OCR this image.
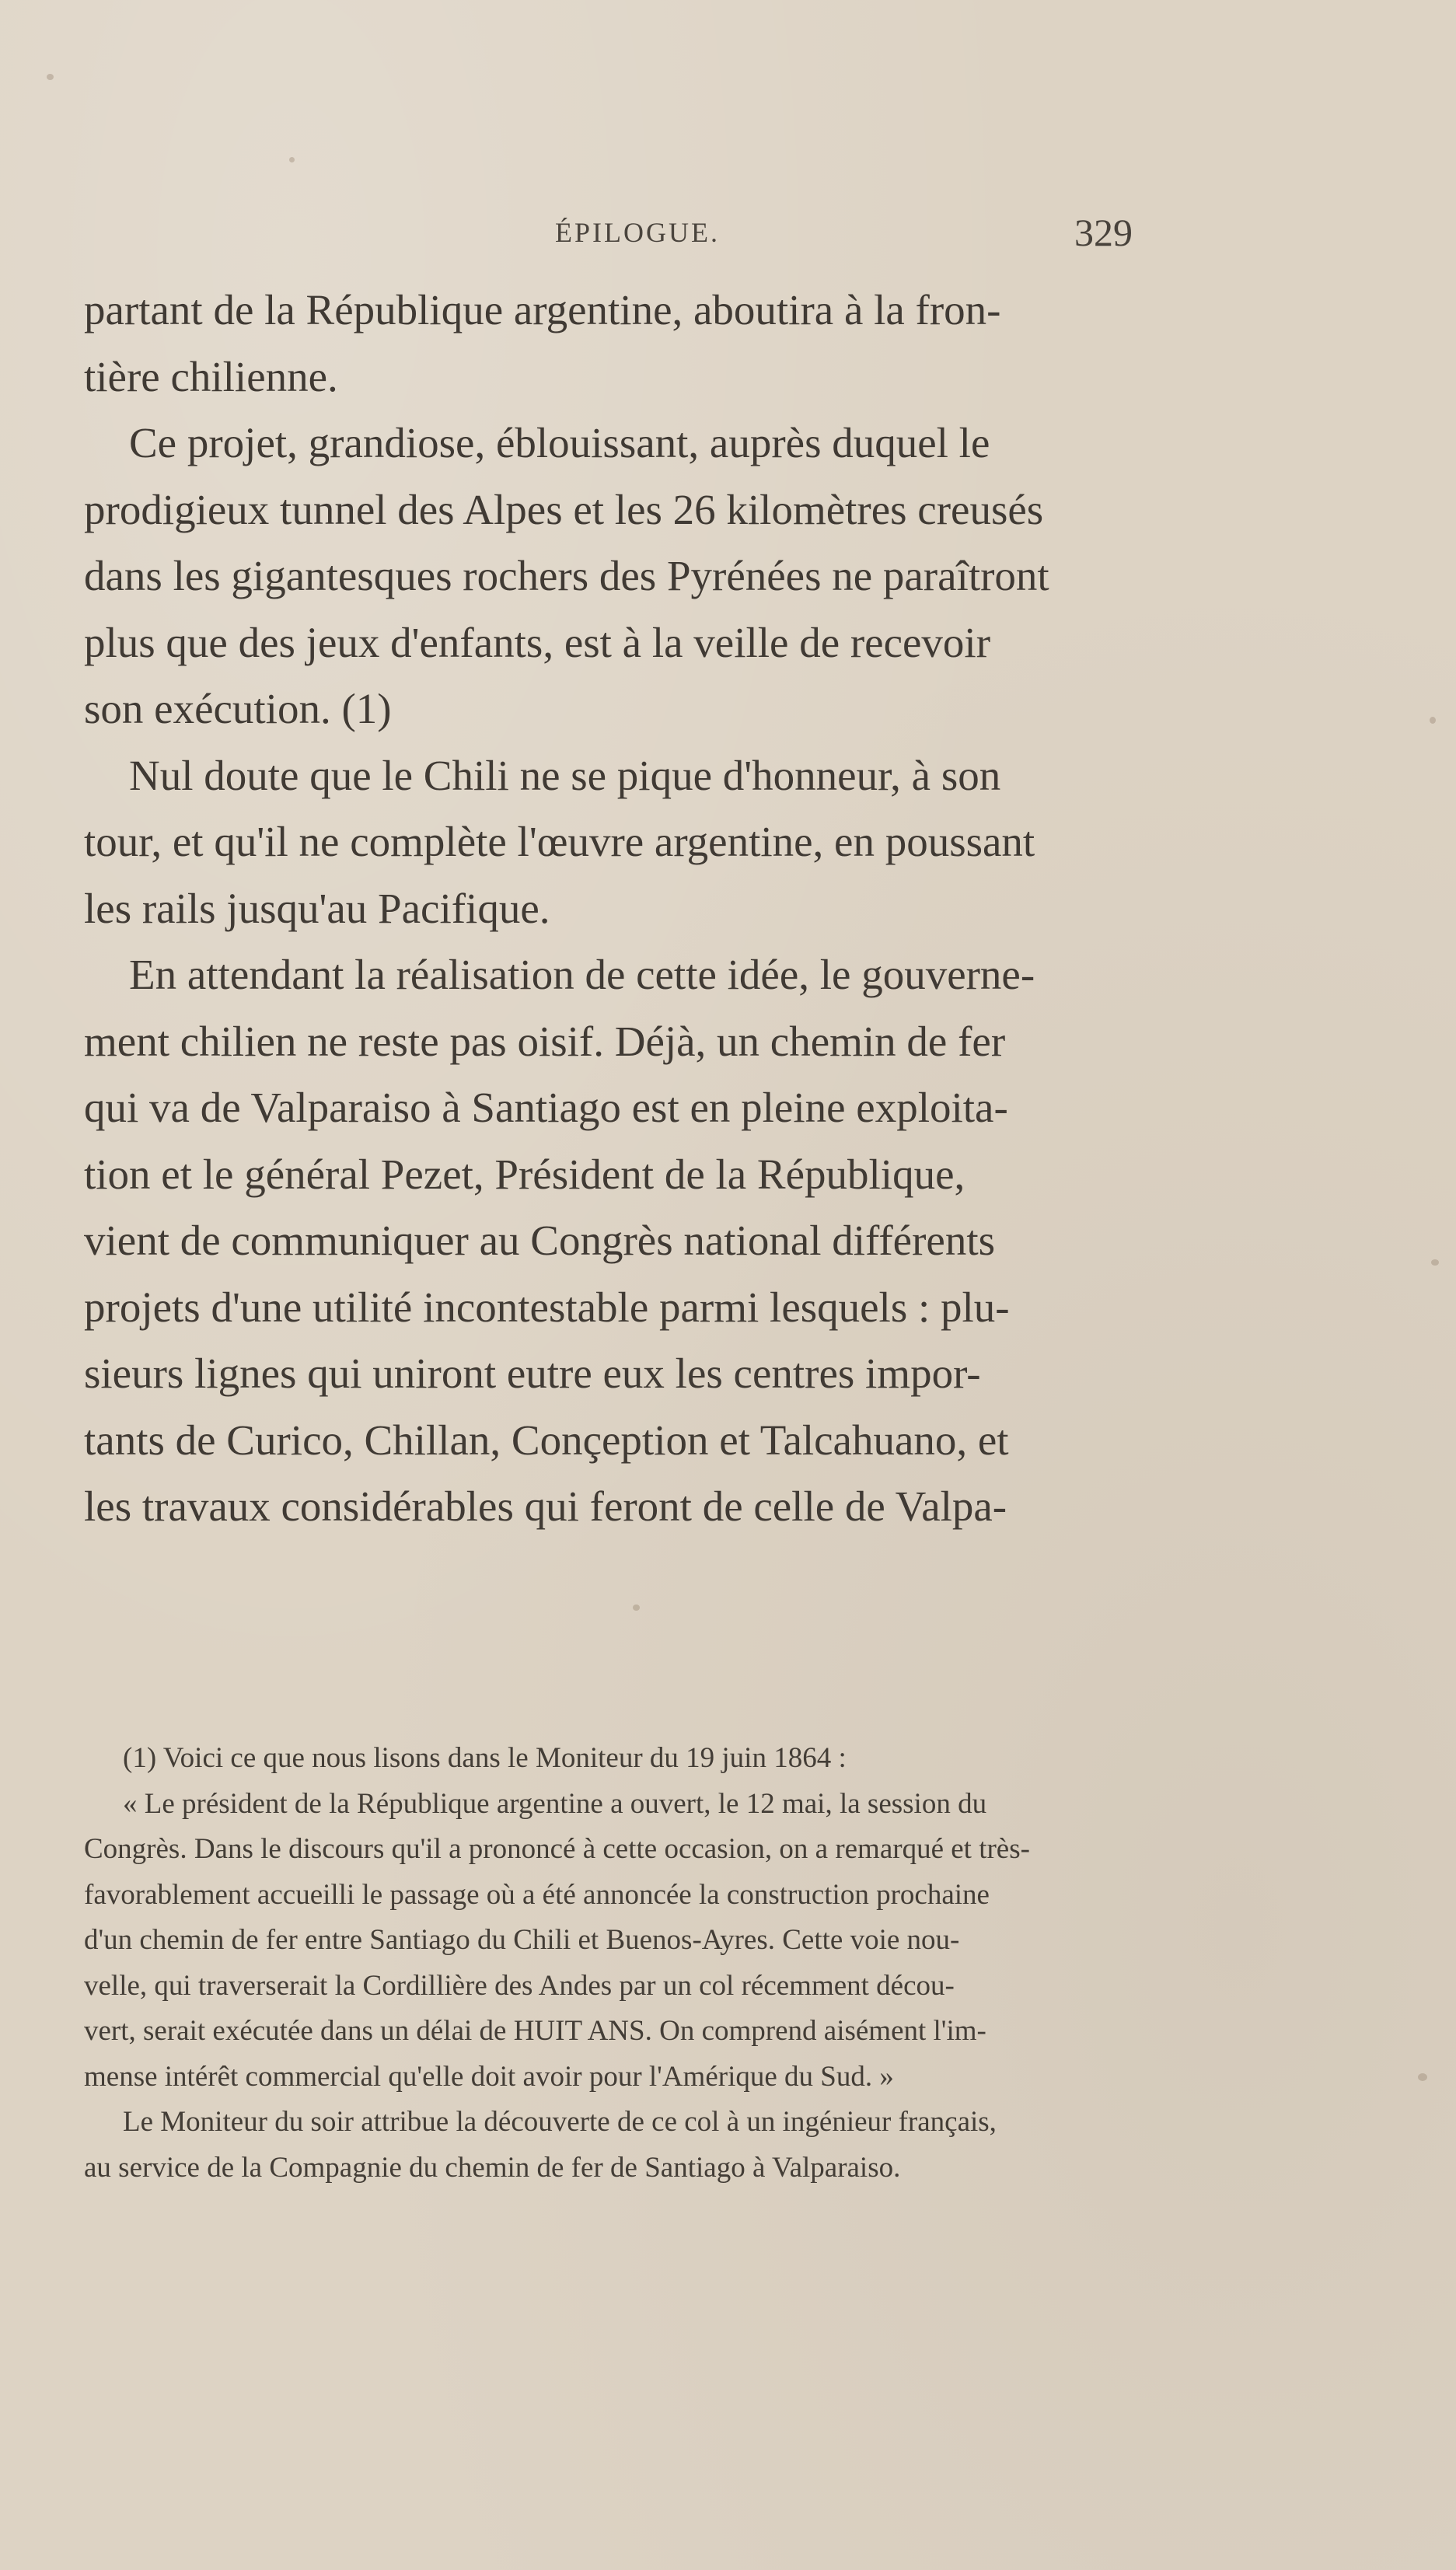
ÉPILOGUE.	329
partant de la République argentine, aboutira à la fron-
tière chilienne.
Ce projet, grandiose, éblouissant, auprès duquel le
prodigieux tunnel des Alpes et les 26 kilomètres creusés
dans les gigantesques rochers des Pyrénées ne paraîtront
plus que des jeux d'enfants, est à la veille de recevoir
son exécution. (1)
Nul doute que le Chili ne se pique d'honneur, à son
tour, et qu'il ne complète l'œuvre argentine, en poussant
les rails jusqu'au Pacifique.
En attendant la réalisation de cette idée, le gouverne-
ment chilien ne reste pas oisif. Déjà, un chemin de fer
qui va de Valparaiso à Santiago est en pleine exploita-
tion et le général Pezet, Président de la République,
vient de communiquer au Congrès national différents
projets d'une utilité incontestable parmi lesquels : plu-
sieurs lignes qui uniront eutre eux les centres impor-
tants de Curico, Chillan, Conçeption et Talcahuano, et
les travaux considérables qui feront de celle de Valpa-
(1) Voici ce que nous lisons dans le Moniteur du 19 juin 1864 :
« Le président de la République argentine a ouvert, le 12 mai, la session du
Congrès. Dans le discours qu'il a prononcé à cette occasion, on a remarqué et très-
favorablement accueilli le passage où a été annoncée la construction prochaine
d'un chemin de fer entre Santiago du Chili et Buenos-Ayres. Cette voie nou-
velle, qui traverserait la Cordillière des Andes par un col récemment décou-
vert, serait exécutée dans un délai de HUIT ANS. On comprend aisément l'im-
mense intérêt commercial qu'elle doit avoir pour l'Amérique du Sud. »
Le Moniteur du soir attribue la découverte de ce col à un ingénieur français,
au service de la Compagnie du chemin de fer de Santiago à Valparaiso.
